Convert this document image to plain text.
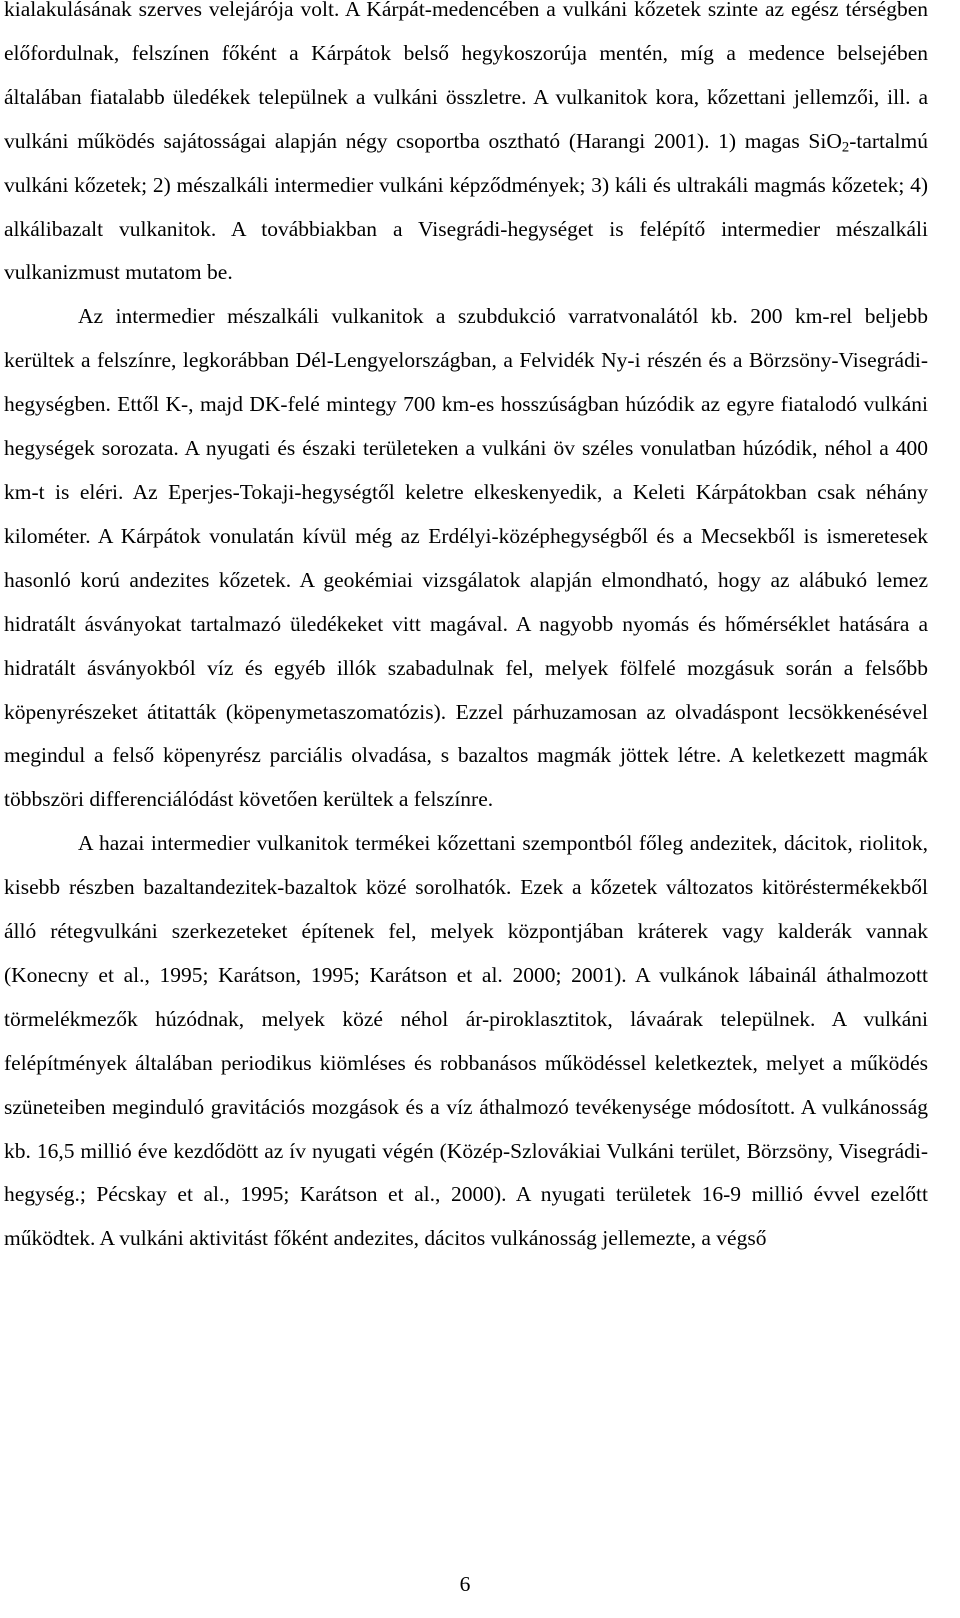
kialakulásának szerves velejárója volt. A Kárpát-medencében a vulkáni kőzetek szinte az egész térségben előfordulnak, felszínen főként a Kárpátok belső hegykoszorúja mentén, míg a medence belsejében általában fiatalabb üledékek települnek a vulkáni összletre. A vulkanitok kora, kőzettani jellemzői, ill. a vulkáni működés sajátosságai alapján négy csoportba osztható (Harangi 2001). 1) magas SiO$_2$-tartalmú vulkáni kőzetek; 2) mészalkáli intermedier vulkáni képződmények; 3) káli és ultrakáli magmás kőzetek; 4) alkálibazalt vulkanitok. A továbbiakban a Visegrádi-hegységet is felépítő intermedier mészalkáli vulkanizmust mutatom be.

Az intermedier mészalkáli vulkanitok a szubdukció varratvonalától kb. 200 km-rel beljebb kerültek a felszínre, legkorábban Dél-Lengyelországban, a Felvidék Ny-i részén és a Börzsöny-Visegrádi-hegységben. Ettől K-, majd DK-felé mintegy 700 km-es hosszúságban húzódik az egyre fiatalodó vulkáni hegységek sorozata. A nyugati és északi területeken a vulkáni öv széles vonulatban húzódik, néhol a 400 km-t is eléri. Az Eperjes-Tokaji-hegységtől keletre elkeskenyedik, a Keleti Kárpátokban csak néhány kilométer. A Kárpátok vonulatán kívül még az Erdélyi-középhegységből és a Mecsekből is ismeretesek hasonló korú andezites kőzetek. A geokémiai vizsgálatok alapján elmondható, hogy az alábukó lemez hidratált ásványokat tartalmazó üledékeket vitt magával. A nagyobb nyomás és hőmérséklet hatására a hidratált ásványokból víz és egyéb illók szabadulnak fel, melyek fölfelé mozgásuk során a felsőbb köpenyrészeket átitatták (köpenymetaszomatózis). Ezzel párhuzamosan az olvadáspont lecsökkenésével megindul a felső köpenyrész parciális olvadása, s bazaltos magmák jöttek létre. A keletkezett magmák többszöri differenciálódást követően kerültek a felszínre.

A hazai intermedier vulkanitok termékei kőzettani szempontból főleg andezitek, dácitok, riolitok, kisebb részben bazaltandezitek-bazaltok közé sorolhatók. Ezek a kőzetek változatos kitöréstermékekből álló rétegvulkáni szerkezeteket építenek fel, melyek központjában kráterek vagy kalderák vannak (Konecny et al., 1995; Karátson, 1995; Karátson et al. 2000; 2001). A vulkánok lábainál áthalmozott törmelékmezők húzódnak, melyek közé néhol ár-piroklasztitok, lávaárak települnek. A vulkáni felépítmények általában periodikus kiömléses és robbanásos működéssel keletkeztek, melyet a működés szüneteiben meginduló gravitációs mozgások és a víz áthalmozó tevékenysége módosított. A vulkánosság kb. 16,5 millió éve kezdődött az ív nyugati végén (Közép-Szlovákiai Vulkáni terület, Börzsöny, Visegrádi-hegység.; Pécskay et al., 1995; Karátson et al., 2000). A nyugati területek 16-9 millió évvel ezelőtt működtek. A vulkáni aktivitást főként andezites, dácitos vulkánosság jellemezte, a végső

6
